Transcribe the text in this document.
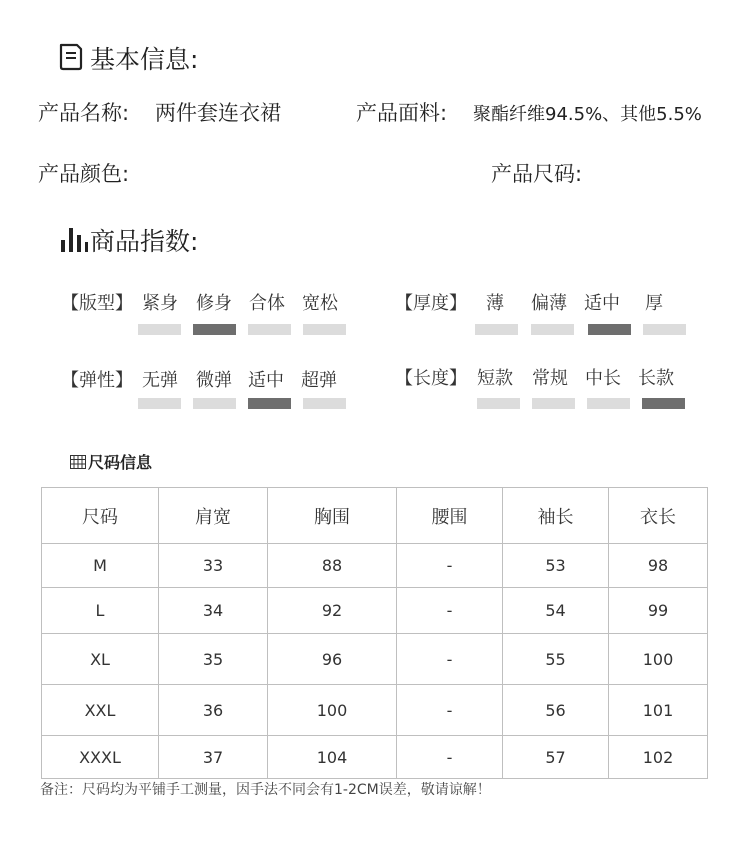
基本信息:
产品名称: 两件套连衣裙	产品面料: 聚酯纤维94.5%、其他5.5%
产品颜色:	产品尺码:
商品指数:
【版型】 紧身 修身 合体 宽松	【厚度】 薄 偏薄 适中 厚
【弹性】 无弹 微弹 适中 超弹	【长度】 短款 常规 中长 长款
尺码信息
尺码	肩宽	胸围	腰围	袖长	衣长
M	33	88	-	53	98
L	34	92	-	54	99
XL	35	96	-	55	100
XXL	36	100	-	56	101
XXXL	37	104	-	57	102
备注：尺码均为平铺手工测量，因手法不同会有1-2CM误差，敬请谅解！
